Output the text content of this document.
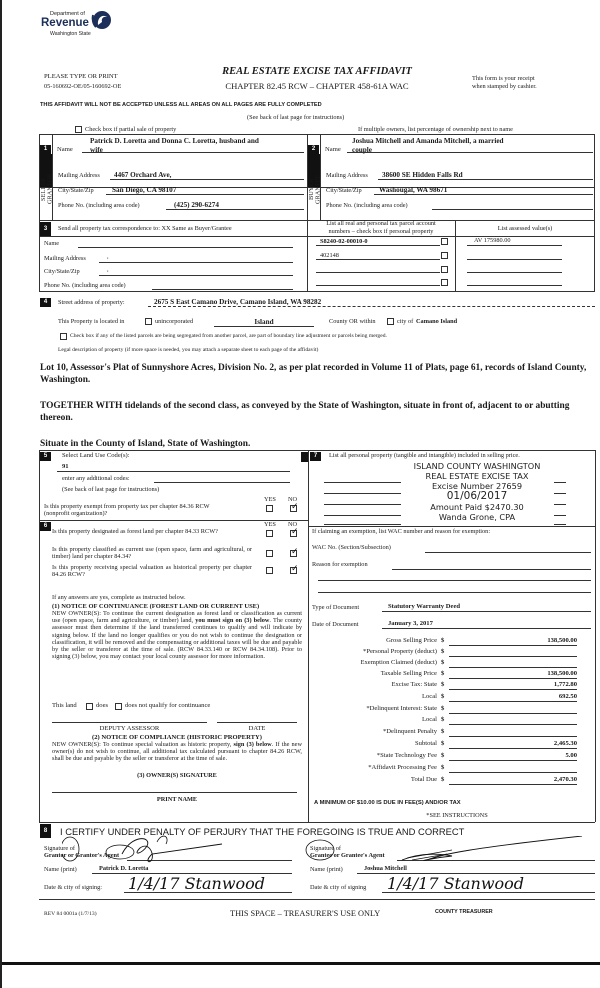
Department of
Revenue
Washington State
PLEASE TYPE OR PRINT
05-160692-OE/05-160692-OE
REAL ESTATE EXCISE TAX AFFIDAVIT
CHAPTER 82.45 RCW – CHAPTER 458-61A WAC
This form is your receipt
when stamped by cashier.
THIS AFFIDAVIT WILL NOT BE ACCEPTED UNLESS ALL AREAS ON ALL PAGES ARE FULLY COMPLETED
(See back of last page for instructions)
Check box if partial sale of property	If multiple owners, list percentage of ownership next to name
1	Name
Patrick D. Loretta and Donna C. Loretta, husband and
wife
SELLER
GRANTOR Mailing Address 4467 Orchard Ave,
City/State/Zip	San Diego, CA 98107
Phone No. (including area code)	(425) 290-6274
2	Name
Joshua Mitchell and Amanda Mitchell, a married
couple
BUYER
GRANTEE Mailing Address 38600 SE Hidden Falls Rd
City/State/Zip Washougal, WA 98671
Phone No. (including area code)
3	Send all property tax correspondence to: XX Same as Buyer/Grantee
Name
Mailing Address	,
City/State/Zip	,
Phone No. (including area code)
List all real and personal tax parcel account
numbers – check box if personal property	List assessed value(s)
S8240-02-00010-0	AV 175980.00
402148
4	Street address of property:	2675 S East Camano Drive, Camano Island, WA 98282
This Property is located in	unincorporated	Island	County OR within	city of Camano Island
Check box if any of the listed parcels are being segregated from another parcel, are part of boundary line adjustment or parcels being merged.
Legal description of property (if more space is needed, you may attach a separate sheet to each page of the affidavit)
Lot 10, Assessor's Plat of Sunnyshore Acres, Division No. 2, as per plat recorded in Volume 11 of Plats, page 61, records of Island County, Washington.
TOGETHER WITH tidelands of the second class, as conveyed by the State of Washington, situate in front of, adjacent to or abutting thereon.
Situate in the County of Island, State of Washington.
5	Select Land Use Code(s):
91
enter any additional codes:
(See back of last page for instructions)
YES NO
Is this property exempt from property tax per chapter 84.36 RCW (nonprofit organization)?
✓
6	YES NO
Is this property designated as forest land per chapter 84.33 RCW?
✓
Is this property classified as current use (open space, farm and agricultural, or timber) land per chapter 84.34?
✓
Is this property receiving special valuation as historical property per chapter 84.26 RCW?
✓
If any answers are yes, complete as instructed below.
(1) NOTICE OF CONTINUANCE (FOREST LAND OR CURRENT USE)
NEW OWNER(S): To continue the current designation as forest land or classification as current use (open space, farm and agriculture, or timber) land, you must sign on (3) below. The county assessor must then determine if the land transferred continues to qualify and will indicate by signing below. If the land no longer qualifies or you do not wish to continue the designation or classification, it will be removed and the compensating or additional taxes will be due and payable by the seller or transferor at the time of sale. (RCW 84.33.140 or RCW 84.34.108). Prior to signing (3) below, you may contact your local county assessor for more information.
This land	does	does not qualify for continuance
DEPUTY ASSESSOR	DATE
(2) NOTICE OF COMPLIANCE (HISTORIC PROPERTY)
NEW OWNER(S): To continue special valuation as historic property, sign (3) below. If the new owner(s) do not wish to continue, all additional tax calculated pursuant to chapter 84.26 RCW, shall be due and payable by the seller or transferor at the time of sale.
(3) OWNER(S) SIGNATURE
PRINT NAME
7	List all personal property (tangible and intangible) included in selling price.
ISLAND COUNTY WASHINGTON
REAL ESTATE EXCISE TAX
Excise Number 27659
01/06/2017
Amount Paid $2470.30
Wanda Grone, CPA
If claiming an exemption, list WAC number and reason for exemption:
WAC No. (Section/Subsection)
Reason for exemption
Type of Document	Statutory Warranty Deed
Date of Document	January 3, 2017
Gross Selling Price $	138,500.00
*Personal Property (deduct) $
Exemption Claimed (deduct) $
Taxable Selling Price $	138,500.00
Excise Tax: State $	1,772.80
Local $	692.50
*Delinquent Interest: State $
Local $
*Delinquent Penalty $
Subtotal $	2,465.30
*State Technology Fee $	5.00
*Affidavit Processing Fee $
Total Due $	2,470.30
A MINIMUM OF $10.00 IS DUE IN FEE(S) AND/OR TAX
*SEE INSTRUCTIONS
8	I CERTIFY UNDER PENALTY OF PERJURY THAT THE FOREGOING IS TRUE AND CORRECT
Signature of
Grantor or Grantor's Agent
Name (print)	Patrick D. Loretta
Date & city of signing: 1/4/17 Stanwood
Signature of
Grantee or Grantee's Agent
Name (print)	Joshua Mitchell
Date & city of signing 1/4/17 Stanwood
REV 84 0001a (1/7/13)	THIS SPACE – TREASURER'S USE ONLY	COUNTY TREASURER
